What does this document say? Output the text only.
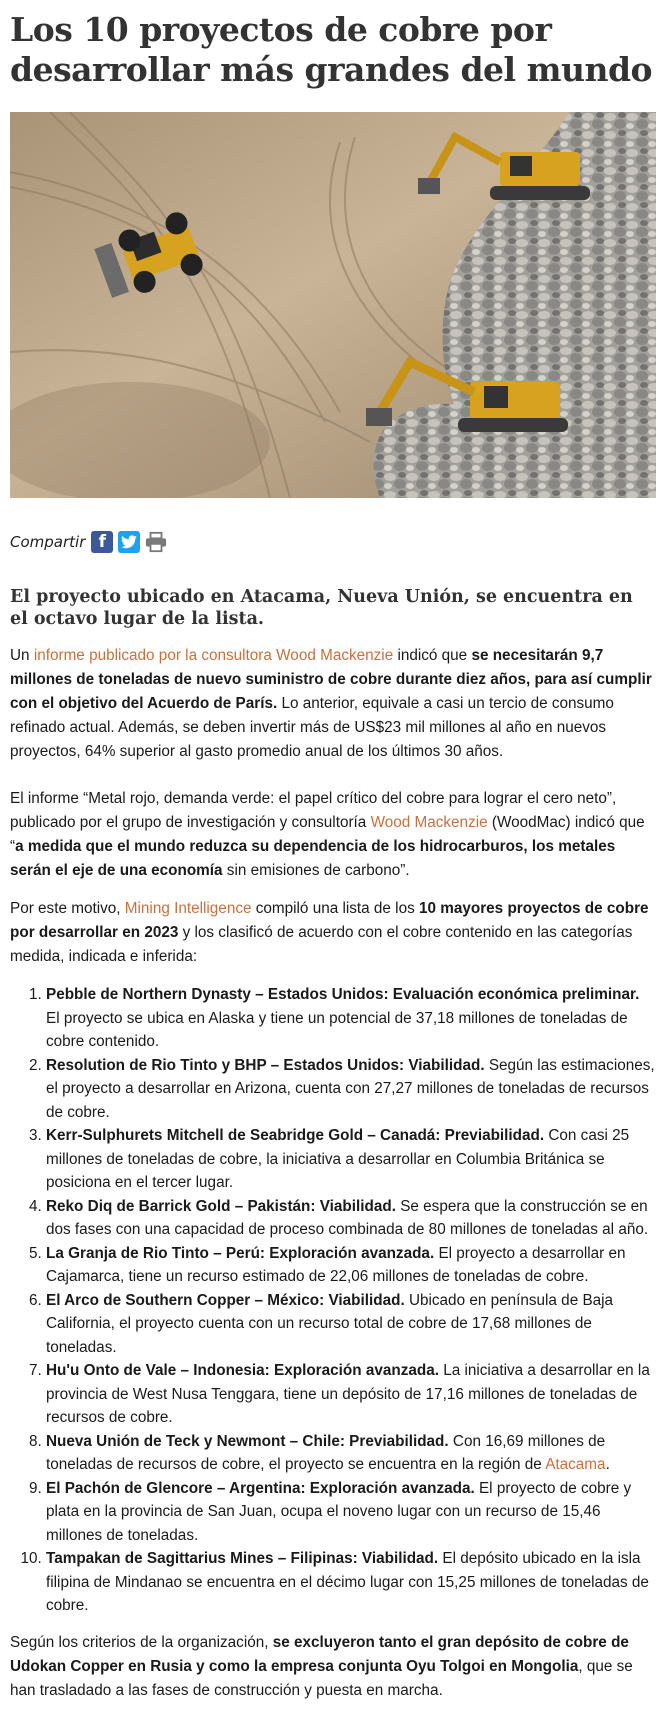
Los 10 proyectos de cobre por desarrollar más grandes del mundo
Compartir f
El proyecto ubicado en Atacama, Nueva Unión, se encuentra en el octavo lugar de la lista.

Un informe publicado por la consultora Wood Mackenzie indicó que se necesitarán 9,7 millones de toneladas de nuevo suministro de cobre durante diez años, para así cumplir con el objetivo del Acuerdo de París. Lo anterior, equivale a casi un tercio de consumo refinado actual. Además, se deben invertir más de US$23 mil millones al año en nuevos proyectos, 64% superior al gasto promedio anual de los últimos 30 años.

El informe “Metal rojo, demanda verde: el papel crítico del cobre para lograr el cero neto”, publicado por el grupo de investigación y consultoría Wood Mackenzie (WoodMac) indicó que “a medida que el mundo reduzca su dependencia de los hidrocarburos, los metales serán el eje de una economía sin emisiones de carbono”.

Por este motivo, Mining Intelligence compiló una lista de los 10 mayores proyectos de cobre por desarrollar en 2023 y los clasificó de acuerdo con el cobre contenido en las categorías medida, indicada e inferida:

1. Pebble de Northern Dynasty – Estados Unidos: Evaluación económica preliminar. El proyecto se ubica en Alaska y tiene un potencial de 37,18 millones de toneladas de cobre contenido.
2. Resolution de Rio Tinto y BHP – Estados Unidos: Viabilidad. Según las estimaciones, el proyecto a desarrollar en Arizona, cuenta con 27,27 millones de toneladas de recursos de cobre.
3. Kerr-Sulphurets Mitchell de Seabridge Gold – Canadá: Previabilidad. Con casi 25 millones de toneladas de cobre, la iniciativa a desarrollar en Columbia Británica se posiciona en el tercer lugar.
4. Reko Diq de Barrick Gold – Pakistán: Viabilidad. Se espera que la construcción se en dos fases con una capacidad de proceso combinada de 80 millones de toneladas al año.
5. La Granja de Rio Tinto – Perú: Exploración avanzada. El proyecto a desarrollar en Cajamarca, tiene un recurso estimado de 22,06 millones de toneladas de cobre.
6. El Arco de Southern Copper – México: Viabilidad. Ubicado en península de Baja California, el proyecto cuenta con un recurso total de cobre de 17,68 millones de toneladas.
7. Hu'u Onto de Vale – Indonesia: Exploración avanzada. La iniciativa a desarrollar en la provincia de West Nusa Tenggara, tiene un depósito de 17,16 millones de toneladas de recursos de cobre.
8. Nueva Unión de Teck y Newmont – Chile: Previabilidad. Con 16,69 millones de toneladas de recursos de cobre, el proyecto se encuentra en la región de Atacama.
9. El Pachón de Glencore – Argentina: Exploración avanzada. El proyecto de cobre y plata en la provincia de San Juan, ocupa el noveno lugar con un recurso de 15,46 millones de toneladas.
10. Tampakan de Sagittarius Mines – Filipinas: Viabilidad. El depósito ubicado en la isla filipina de Mindanao se encuentra en el décimo lugar con 15,25 millones de toneladas de cobre.

Según los criterios de la organización, se excluyeron tanto el gran depósito de cobre de Udokan Copper en Rusia y como la empresa conjunta Oyu Tolgoi en Mongolia, que se han trasladado a las fases de construcción y puesta en marcha.
